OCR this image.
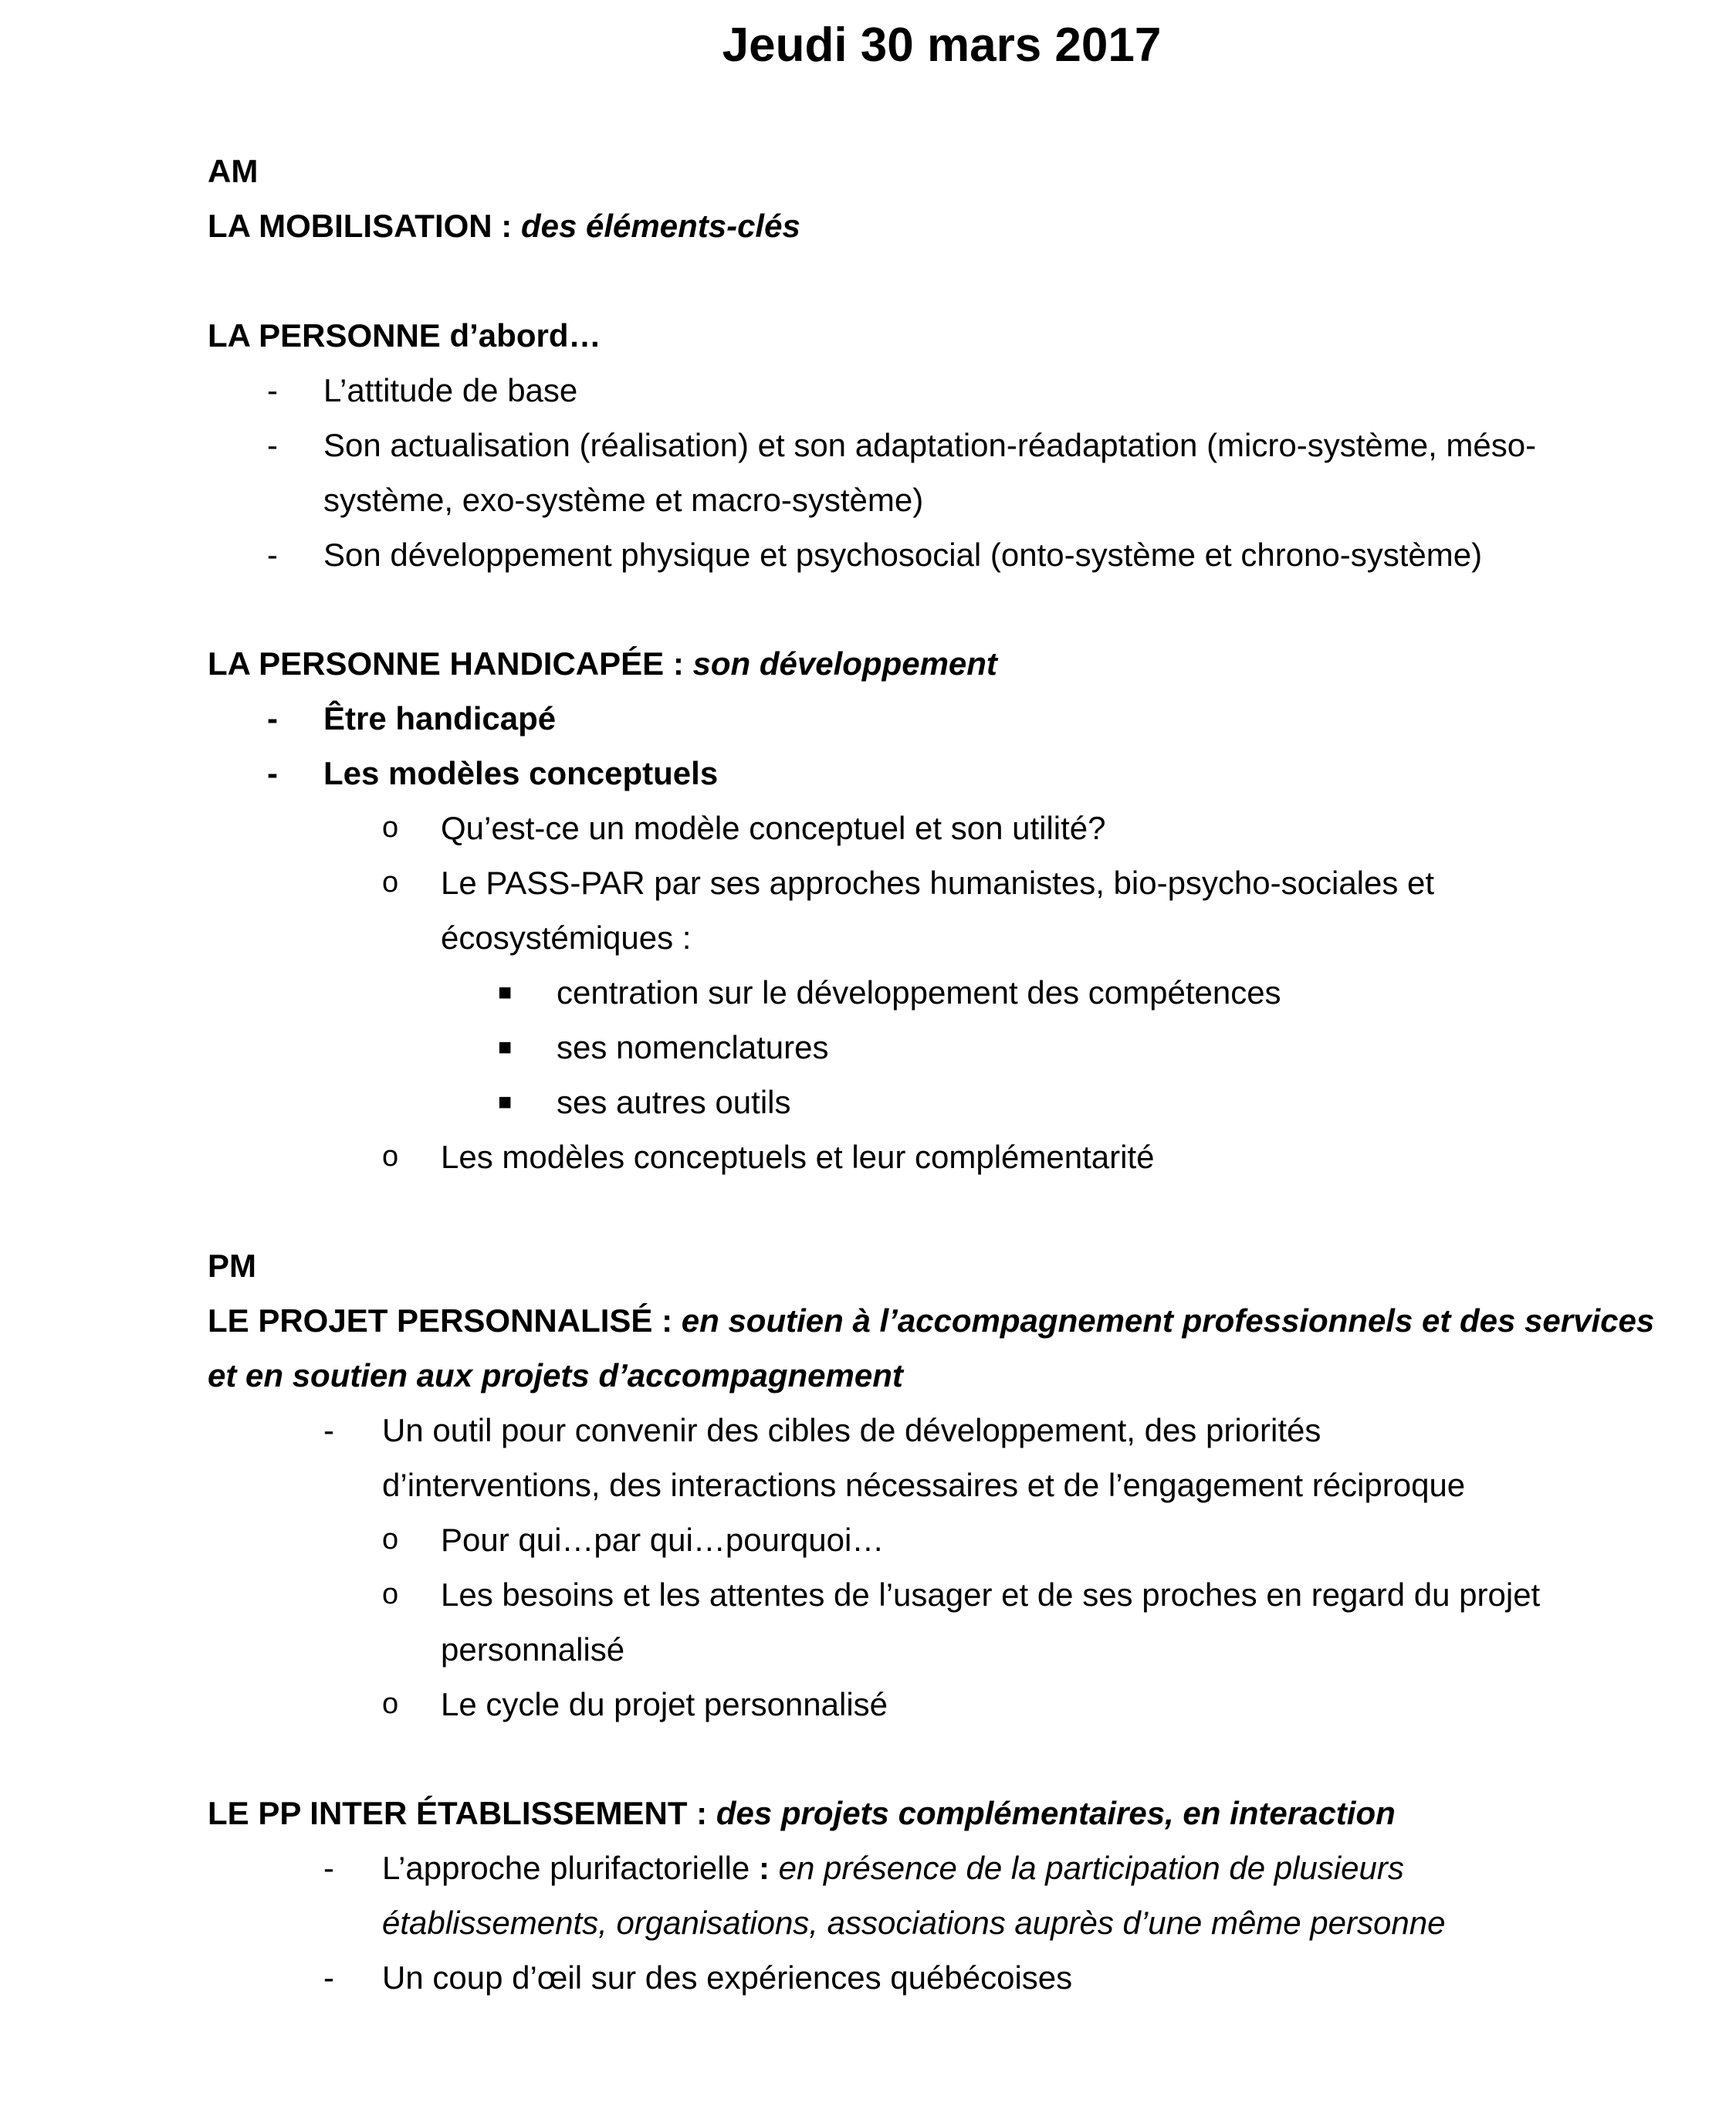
Jeudi 30 mars 2017
AM
LA MOBILISATION : des éléments-clés
LA PERSONNE d’abord…
- L’attitude de base
- Son actualisation (réalisation) et son adaptation-réadaptation (micro-système, méso-
système, exo-système et macro-système)
- Son développement physique et psychosocial (onto-système et chrono-système)
LA PERSONNE HANDICAPÉE : son développement
- Être handicapé
- Les modèles conceptuels
o Qu’est-ce un modèle conceptuel et son utilité?
o Le PASS-PAR par ses approches humanistes, bio-psycho-sociales et
écosystémiques :
■ centration sur le développement des compétences
■ ses nomenclatures
■ ses autres outils
o Les modèles conceptuels et leur complémentarité
PM
LE PROJET PERSONNALISÉ : en soutien à l’accompagnement professionnels et des services
et en soutien aux projets d’accompagnement
- Un outil pour convenir des cibles de développement, des priorités
d’interventions, des interactions nécessaires et de l’engagement réciproque
o Pour qui…par qui…pourquoi…
o Les besoins et les attentes de l’usager et de ses proches en regard du projet
personnalisé
o Le cycle du projet personnalisé
LE PP INTER ÉTABLISSEMENT : des projets complémentaires, en interaction
- L’approche plurifactorielle : en présence de la participation de plusieurs
établissements, organisations, associations auprès d’une même personne
- Un coup d’œil sur des expériences québécoises
